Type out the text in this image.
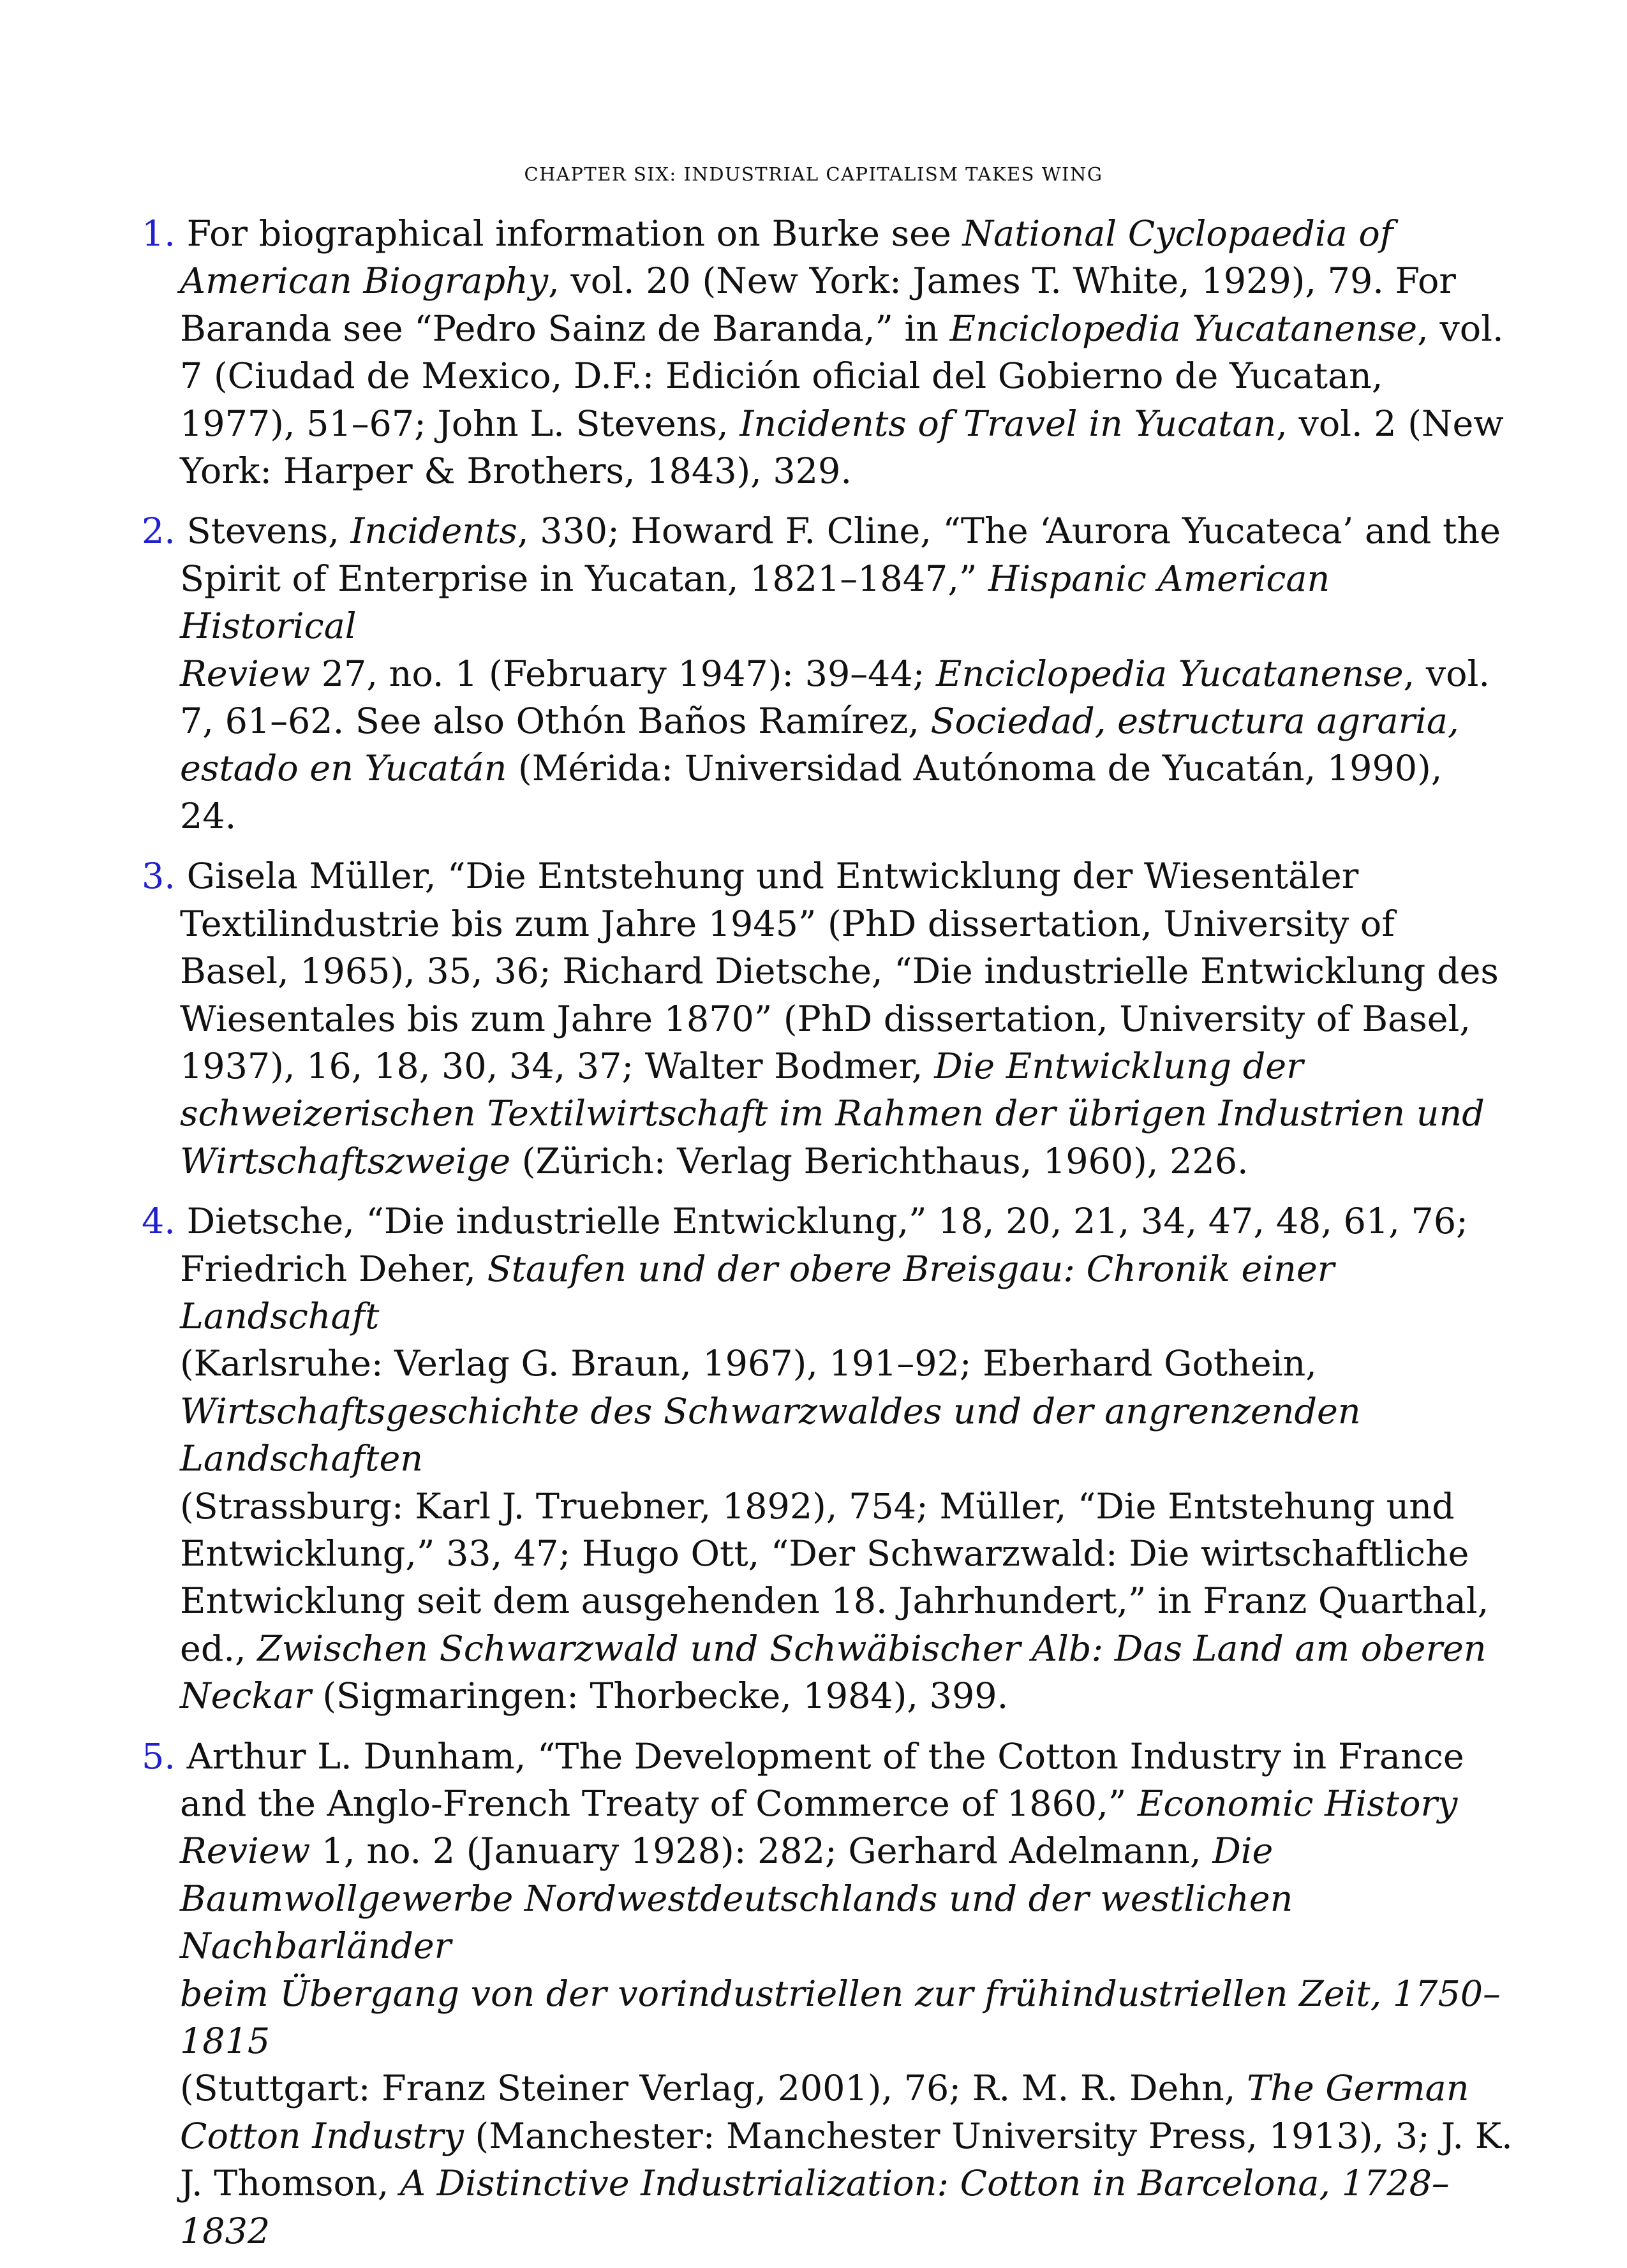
CHAPTER SIX: INDUSTRIAL CAPITALISM TAKES WING
1. For biographical information on Burke see National Cyclopaedia of
American Biography, vol. 20 (New York: James T. White, 1929), 79. For
Baranda see “Pedro Sainz de Baranda,” in Enciclopedia Yucatanense, vol.
7 (Ciudad de Mexico, D.F.: Edición oficial del Gobierno de Yucatan,
1977), 51–67; John L. Stevens, Incidents of Travel in Yucatan, vol. 2 (New
York: Harper & Brothers, 1843), 329.
2. Stevens, Incidents, 330; Howard F. Cline, “The ‘Aurora Yucateca’ and the
Spirit of Enterprise in Yucatan, 1821–1847,” Hispanic American Historical
Review 27, no. 1 (February 1947): 39–44; Enciclopedia Yucatanense, vol.
7, 61–62. See also Othón Baños Ramírez, Sociedad, estructura agraria,
estado en Yucatán (Mérida: Universidad Autónoma de Yucatán, 1990),
24.
3. Gisela Müller, “Die Entstehung und Entwicklung der Wiesentäler
Textilindustrie bis zum Jahre 1945” (PhD dissertation, University of
Basel, 1965), 35, 36; Richard Dietsche, “Die industrielle Entwicklung des
Wiesentales bis zum Jahre 1870” (PhD dissertation, University of Basel,
1937), 16, 18, 30, 34, 37; Walter Bodmer, Die Entwicklung der
schweizerischen Textilwirtschaft im Rahmen der übrigen Industrien und
Wirtschaftszweige (Zürich: Verlag Berichthaus, 1960), 226.
4. Dietsche, “Die industrielle Entwicklung,” 18, 20, 21, 34, 47, 48, 61, 76;
Friedrich Deher, Staufen und der obere Breisgau: Chronik einer Landschaft
(Karlsruhe: Verlag G. Braun, 1967), 191–92; Eberhard Gothein,
Wirtschaftsgeschichte des Schwarzwaldes und der angrenzenden Landschaften
(Strassburg: Karl J. Truebner, 1892), 754; Müller, “Die Entstehung und
Entwicklung,” 33, 47; Hugo Ott, “Der Schwarzwald: Die wirtschaftliche
Entwicklung seit dem ausgehenden 18. Jahrhundert,” in Franz Quarthal,
ed., Zwischen Schwarzwald und Schwäbischer Alb: Das Land am oberen
Neckar (Sigmaringen: Thorbecke, 1984), 399.
5. Arthur L. Dunham, “The Development of the Cotton Industry in France
and the Anglo-French Treaty of Commerce of 1860,” Economic History
Review 1, no. 2 (January 1928): 282; Gerhard Adelmann, Die
Baumwollgewerbe Nordwestdeutschlands und der westlichen Nachbarländer
beim Übergang von der vorindustriellen zur frühindustriellen Zeit, 1750–1815
(Stuttgart: Franz Steiner Verlag, 2001), 76; R. M. R. Dehn, The German
Cotton Industry (Manchester: Manchester University Press, 1913), 3; J. K.
J. Thomson, A Distinctive Industrialization: Cotton in Barcelona, 1728–1832
